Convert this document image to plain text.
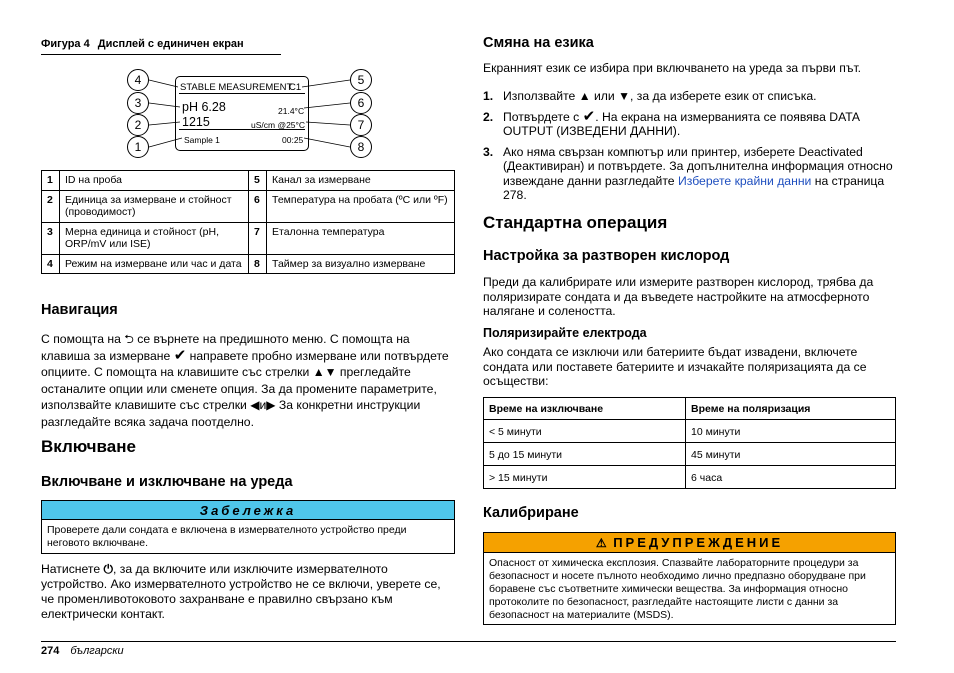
Фигура 4 Дисплей с единичен екран
4
3
2
1
5
6
7
8
STABLE MEASUREMENT
C1
pH 6.28
1215
21.4°C
uS/cm @25°C
Sample 1	00:25
1	ID на проба	5	Канал за измерване
2	Единица за измерване и стойност (проводимост)	6	Температура на пробата (ºC или ºF)
3	Мерна единица и стойност (pH, ORP/mV или ISE)	7	Еталонна температура
4	Режим на измерване или час и дата	8	Таймер за визуално измерване
Навигация

С помощта на ⮌ се върнете на предишното меню. С помощта на клавиша за измерване ✔ направете пробно измерване или потвърдете опциите. С помощта на клавишите със стрелки ▲▼ прегледайте останалите опции или сменете опция. За да промените параметрите, използвайте клавишите със стрелки ◀и▶ За конкретни инструкции разгледайте всяка задача поотделно.

Включване
Включване и изключване на уреда
Забележка
Проверете дали сондата е включена в измервателното устройство преди неговото включване.

Натиснете ⏻, за да включите или изключите измервателното устройство. Ако измервателното устройство не се включи, уверете се, че променливотоковото захранване е правилно свързано към електрически контакт.

Смяна на езика

Екранният език се избира при включването на уреда за първи път.

1. Използвайте ▲ или ▼, за да изберете език от списъка.
2. Потвърдете с ✔. На екрана на измерванията се появява DATA OUTPUT (ИЗВЕДЕНИ ДАННИ).
3. Ако няма свързан компютър или принтер, изберете Deactivated (Деактивиран) и потвърдете. За допълнителна информация относно извеждане данни разгледайте Изберете крайни данни на страница 278.
Стандартна операция
Настройка за разтворен кислород

Преди да калибрирате или измерите разтворен кислород, трябва да поляризирате сондата и да въведете настройките на атмосферното налягане и солеността.

Поляризирайте електрода

Ако сондата се изключи или батериите бъдат извадени, включете сондата или поставете батериите и изчакайте поляризацията да се осъществи:

Време на изключване	Време на поляризация
< 5 минути	10 минути
5 до 15 минути	45 минути
> 15 минути	6 часа
Калибриране
⚠ ПРЕДУПРЕЖДЕНИЕ
Опасност от химическа експлозия. Спазвайте лабораторните процедури за безопасност и носете пълното необходимо лично предпазно оборудване при боравене със съответните химически вещества. За информация относно протоколите по безопасност, разгледайте настоящите листи с данни за безопасност на материалите (MSDS).
274 български
